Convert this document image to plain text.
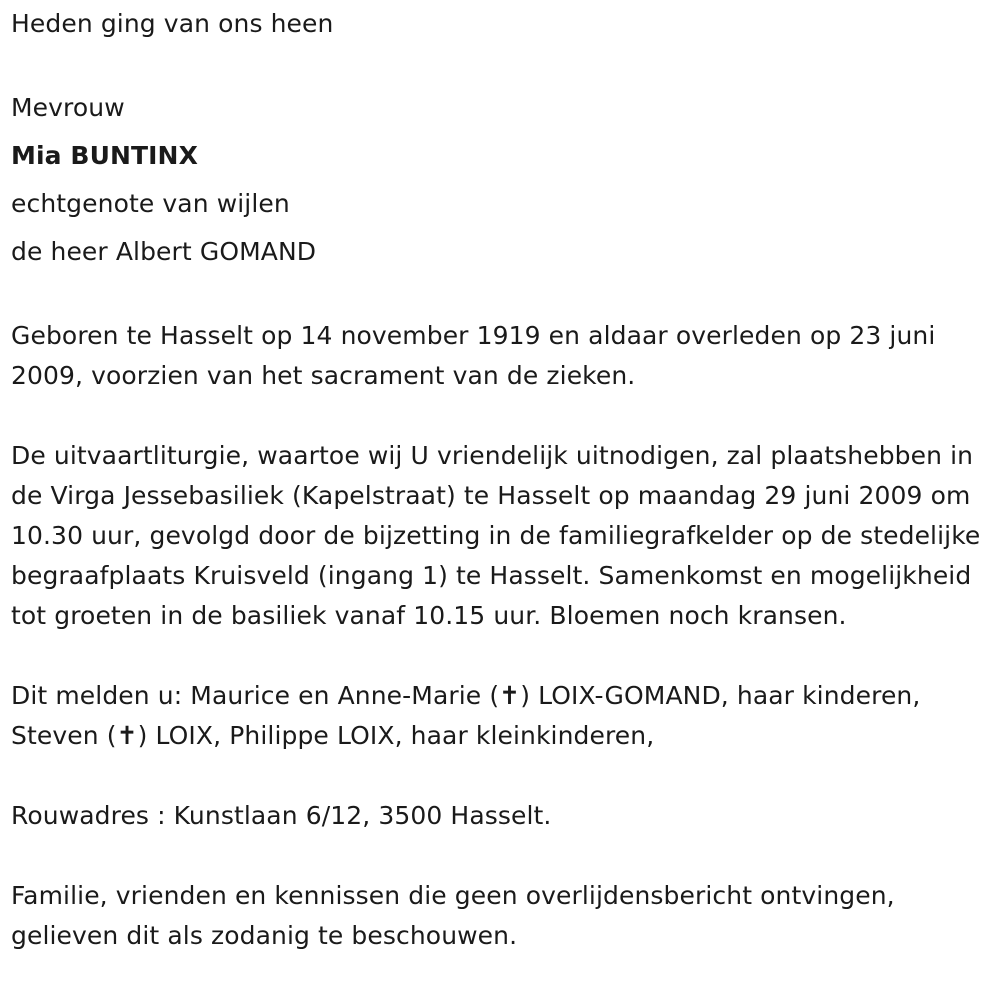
Heden ging van ons heen

Mevrouw

Mia BUNTINX

echtgenote van wijlen

de heer Albert GOMAND

Geboren te Hasselt op 14 november 1919 en aldaar overleden op 23 juni 2009, voorzien van het sacrament van de zieken.

De uitvaartliturgie, waartoe wij U vriendelijk uitnodigen, zal plaatshebben in de Virga Jessebasiliek (Kapelstraat) te Hasselt op maandag 29 juni 2009 om 10.30 uur, gevolgd door de bijzetting in de familiegrafkelder op de stedelijke begraafplaats Kruisveld (ingang 1) te Hasselt. Samenkomst en mogelijkheid tot groeten in de basiliek vanaf 10.15 uur. Bloemen noch kransen.

Dit melden u: Maurice en Anne-Marie (✝) LOIX-GOMAND, haar kinderen, Steven (✝) LOIX, Philippe LOIX, haar kleinkinderen,

Rouwadres : Kunstlaan 6/12, 3500 Hasselt.

Familie, vrienden en kennissen die geen overlijdensbericht ontvingen, gelieven dit als zodanig te beschouwen.
